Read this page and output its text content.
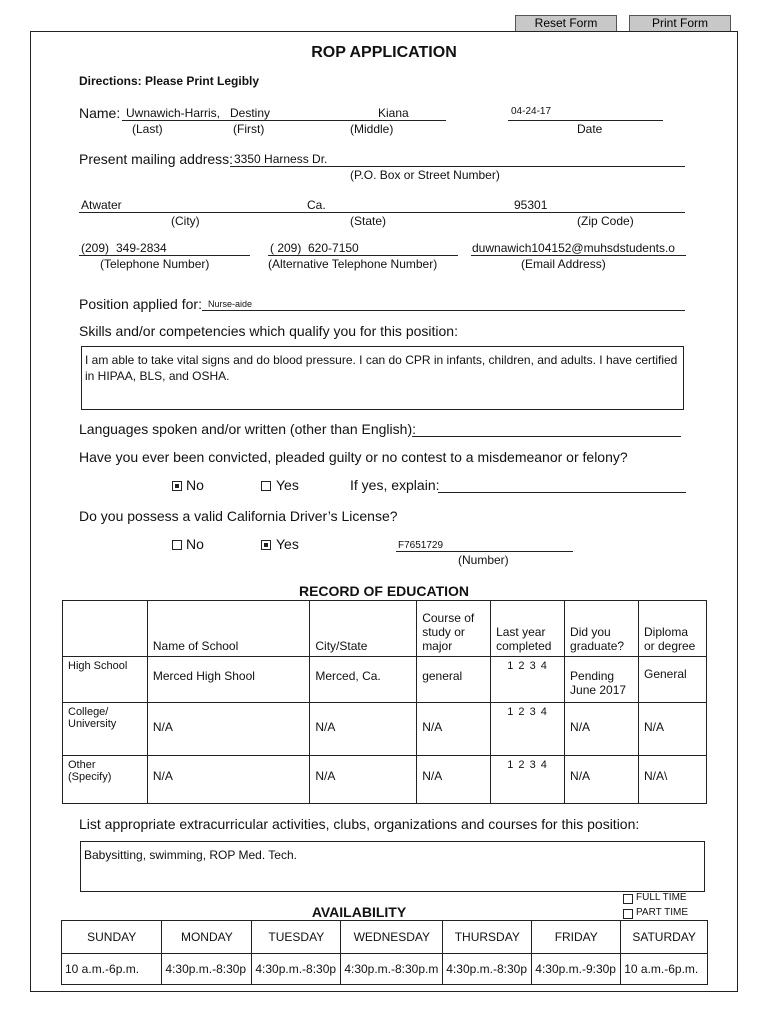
Reset Form	Print Form
ROP APPLICATION
Directions: Please Print Legibly
Name: Uwnawich-Harris, Destiny	Kiana	04-24-17
(Last)	(First)	(Middle)	Date
Present mailing address: 3350 Harness Dr.
(P.O. Box or Street Number)
Atwater	Ca.	95301
(City)	(State)	(Zip Code)
(209) 349-2834	( 209) 620-7150	duwnawich104152@muhsdstudents.o
(Telephone Number)	(Alternative Telephone Number)	(Email Address)
Position applied for: Nurse-aide
Skills and/or competencies which qualify you for this position:
I am able to take vital signs and do blood pressure. I can do CPR in infants, children, and adults. I have certified in HIPAA, BLS, and OSHA.
Languages spoken and/or written (other than English):
Have you ever been convicted, pleaded guilty or no contest to a misdemeanor or felony?
No	Yes	If yes, explain:
Do you possess a valid California Driver’s License?
No	Yes	F7651729
(Number)
RECORD OF EDUCATION
	Name of School	City/State	Course of study or major	Last year completed	Did you graduate?	Diploma or degree
High School	Merced High Shool	Merced, Ca.	general	1 2 3 4	Pending June 2017	General
College/ University	N/A	N/A	N/A	1 2 3 4	N/A	N/A
Other (Specify)	N/A	N/A	N/A	1 2 3 4	N/A	N/A\
List appropriate extracurricular activities, clubs, organizations and courses for this position:
Babysitting, swimming, ROP Med. Tech.
AVAILABILITY
FULL TIME
PART TIME
SUNDAY	MONDAY	TUESDAY	WEDNESDAY	THURSDAY	FRIDAY	SATURDAY
10 a.m.-6p.m.	4:30p.m.-8:30p	4:30p.m.-8:30p	4:30p.m.-8:30p.m	4:30p.m.-8:30p	4:30p.m.-9:30p	10 a.m.-6p.m.
